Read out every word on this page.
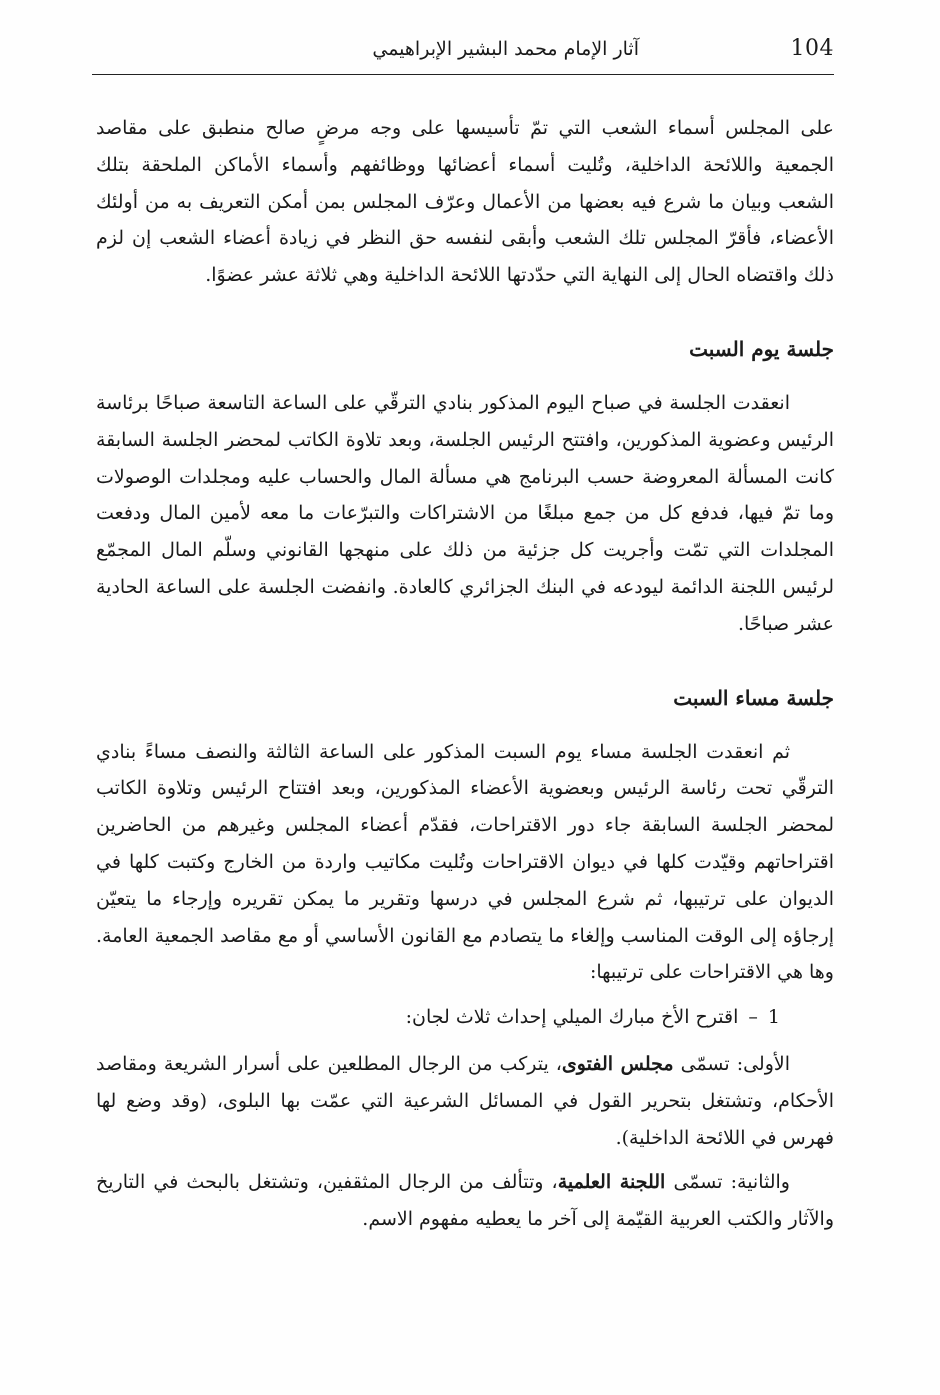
104
آثار الإمام محمد البشير الإبراهيمي

على المجلس أسماء الشعب التي تمّ تأسيسها على وجه مرضٍ صالح منطبق على مقاصد الجمعية واللائحة الداخلية، وتُليت أسماء أعضائها ووظائفهم وأسماء الأماكن الملحقة بتلك الشعب وبيان ما شرع فيه بعضها من الأعمال وعرّف المجلس بمن أمكن التعريف به من أولئك الأعضاء، فأقرّ المجلس تلك الشعب وأبقى لنفسه حق النظر في زيادة أعضاء الشعب إن لزم ذلك واقتضاه الحال إلى النهاية التي حدّدتها اللائحة الداخلية وهي ثلاثة عشر عضوًا.

جلسة يوم السبت

انعقدت الجلسة في صباح اليوم المذكور بنادي الترقّي على الساعة التاسعة صباحًا برئاسة الرئيس وعضوية المذكورين، وافتتح الرئيس الجلسة، وبعد تلاوة الكاتب لمحضر الجلسة السابقة كانت المسألة المعروضة حسب البرنامج هي مسألة المال والحساب عليه ومجلدات الوصولات وما تمّ فيها، فدفع كل من جمع مبلغًا من الاشتراكات والتبرّعات ما معه لأمين المال ودفعت المجلدات التي تمّت وأجريت كل جزئية من ذلك على منهجها القانوني وسلّم المال المجمّع لرئيس اللجنة الدائمة ليودعه في البنك الجزائري كالعادة. وانفضت الجلسة على الساعة الحادية عشر صباحًا.

جلسة مساء السبت

ثم انعقدت الجلسة مساء يوم السبت المذكور على الساعة الثالثة والنصف مساءً بنادي الترقّي تحت رئاسة الرئيس وبعضوية الأعضاء المذكورين، وبعد افتتاح الرئيس وتلاوة الكاتب لمحضر الجلسة السابقة جاء دور الاقتراحات، فقدّم أعضاء المجلس وغيرهم من الحاضرين اقتراحاتهم وقيّدت كلها في ديوان الاقتراحات وتُليت مكاتيب واردة من الخارج وكتبت كلها في الديوان على ترتيبها، ثم شرع المجلس في درسها وتقرير ما يمكن تقريره وإرجاء ما يتعيّن إرجاؤه إلى الوقت المناسب وإلغاء ما يتصادم مع القانون الأساسي أو مع مقاصد الجمعية العامة. وها هي الاقتراحات على ترتيبها:

1–اقترح الأخ مبارك الميلي إحداث ثلاث لجان:

الأولى: تسمّى مجلس الفتوى، يتركب من الرجال المطلعين على أسرار الشريعة ومقاصد الأحكام، وتشتغل بتحرير القول في المسائل الشرعية التي عمّت بها البلوى، (وقد وضع لها فهرس في اللائحة الداخلية).

والثانية: تسمّى اللجنة العلمية، وتتألف من الرجال المثقفين، وتشتغل بالبحث في التاريخ والآثار والكتب العربية القيّمة إلى آخر ما يعطيه مفهوم الاسم.
